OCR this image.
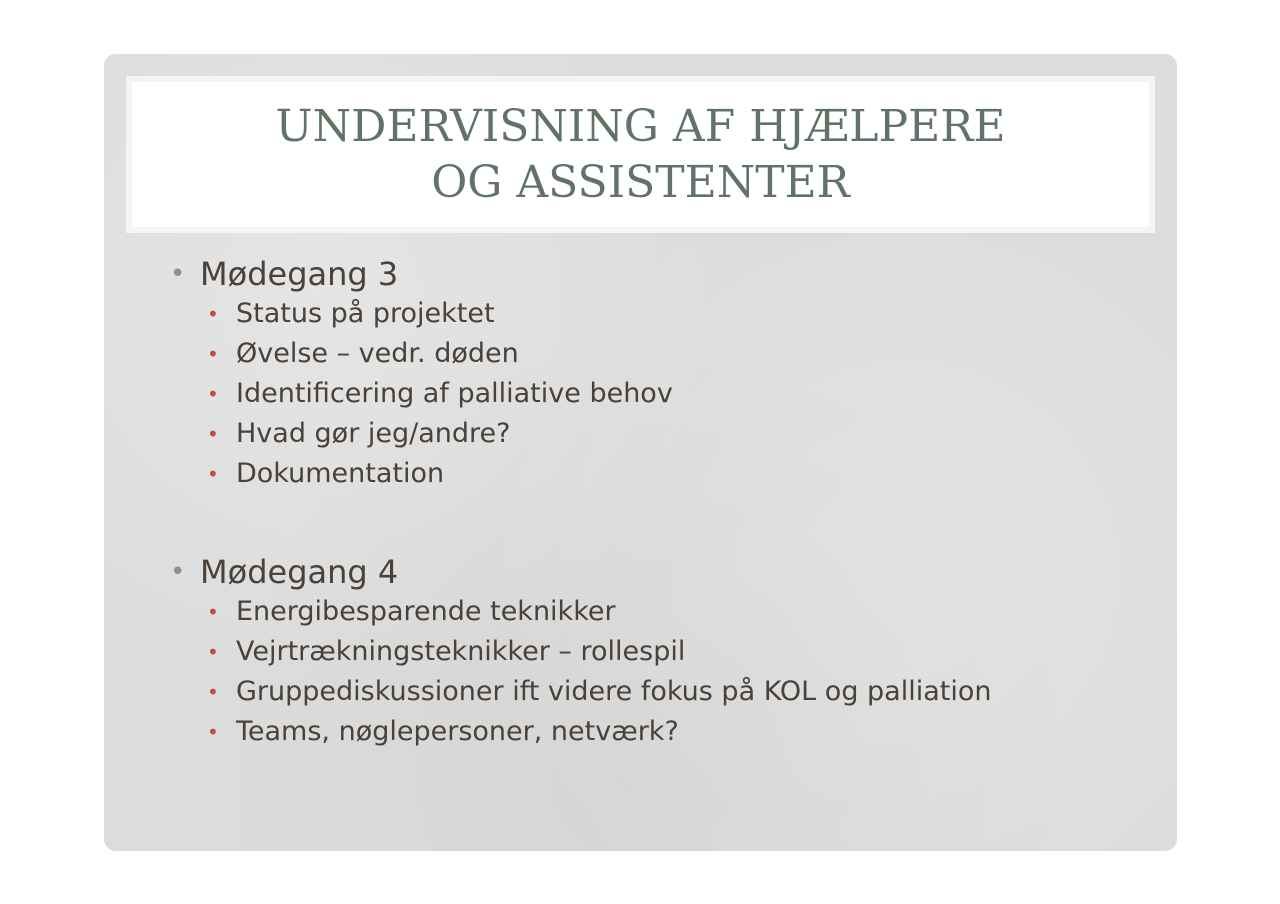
UNDERVISNING AF HJÆLPERE
OG ASSISTENTER
• Mødegang 3
• Status på projektet
• Øvelse – vedr. døden
• Identificering af palliative behov
• Hvad gør jeg/andre?
• Dokumentation
• Mødegang 4
• Energibesparende teknikker
• Vejrtrækningsteknikker – rollespil
• Gruppediskussioner ift videre fokus på KOL og palliation
• Teams, nøglepersoner, netværk?
